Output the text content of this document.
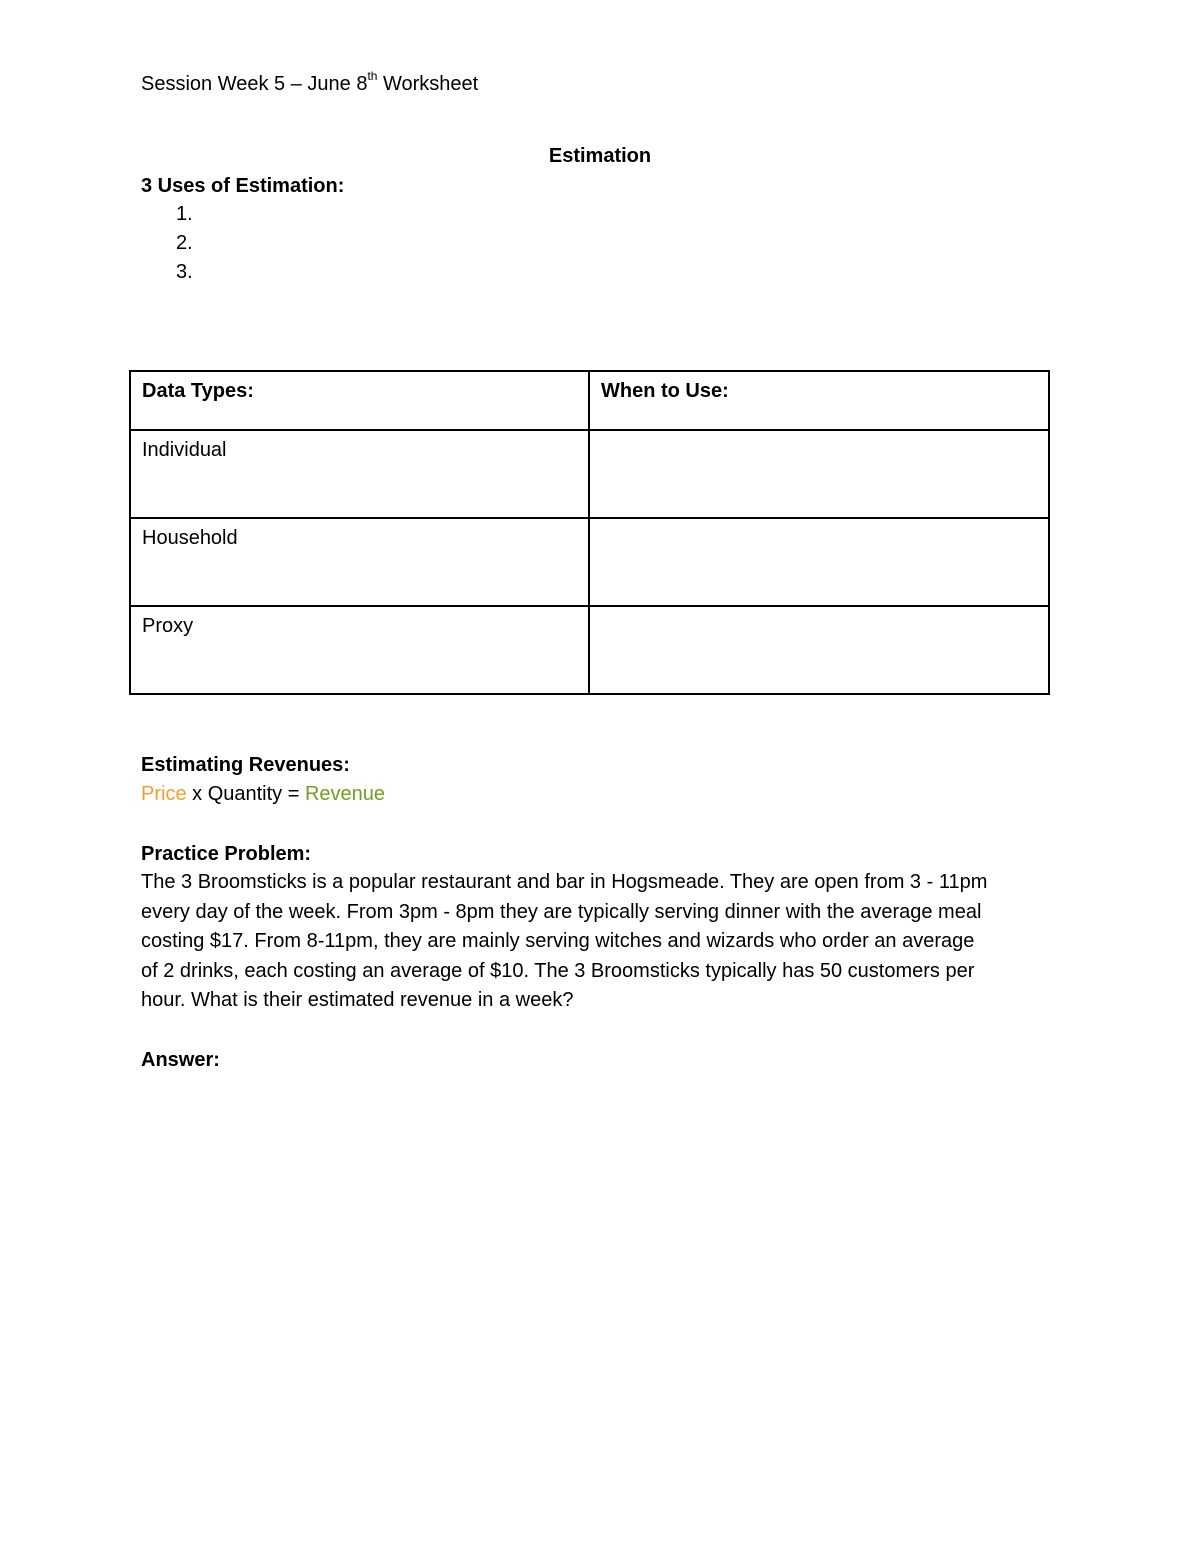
Session Week 5 – June 8th Worksheet
Estimation
3 Uses of Estimation:
1.
2.
3.
Data Types:	When to Use:
Individual	
Household	
Proxy	
Estimating Revenues:
Price x Quantity = Revenue
Practice Problem:
The 3 Broomsticks is a popular restaurant and bar in Hogsmeade. They are open from 3 - 11pm
every day of the week. From 3pm - 8pm they are typically serving dinner with the average meal
costing $17. From 8-11pm, they are mainly serving witches and wizards who order an average
of 2 drinks, each costing an average of $10. The 3 Broomsticks typically has 50 customers per
hour. What is their estimated revenue in a week?
Answer:
